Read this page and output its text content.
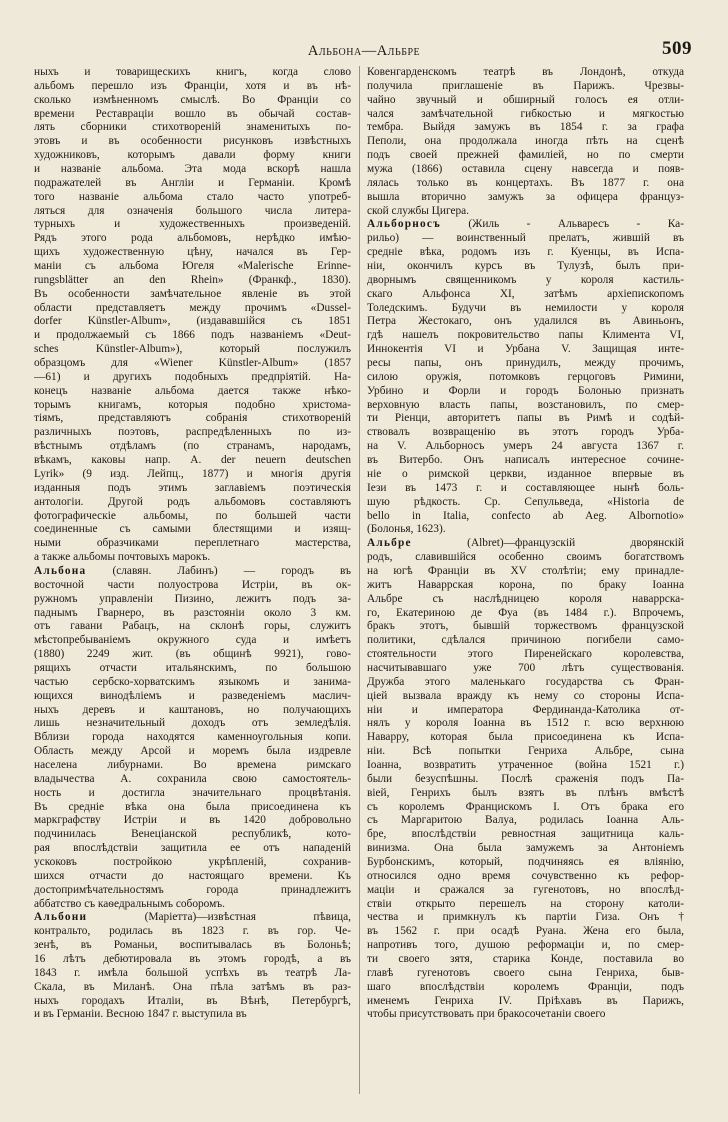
Альбона—Альбре	509
ныхъ и товарищескихъ книгъ, когда слово
альбомъ перешло изъ Франціи, хотя и въ нѣ-
сколько измѣненномъ смыслѣ. Во Франціи со
времени Реставраціи вошло въ обычай состав-
лять сборники стихотвореній знаменитыхъ по-
этовъ и въ особенности рисунковъ извѣстныхъ
художниковъ, которымъ давали форму книги
и названіе альбома. Эта мода вскорѣ нашла
подражателей въ Англіи и Германіи. Кромѣ
того названіе альбома стало часто употреб-
ляться для означенія большого числа литера-
турныхъ и художественныхъ произведеній.
Рядъ этого рода альбомовъ, нерѣдко имѣю-
щихъ художественную цѣну, начался въ Гер-
маніи съ альбома Югеля «Malerische Erinne-
rungsblätter an den Rhein» (Франкф., 1830).
Въ особенности замѣчательное явленіе въ этой
области представляетъ между прочимъ «Dussel-
dorfer Künstler-Album», (издававшійся съ 1851
и продолжаемый съ 1866 подъ названіемъ «Deut-
sches Künstler-Album»), который послужилъ
образцомъ для «Wiener Künstler-Album» (1857
—61) и другихъ подобныхъ предпріятій. На-
конецъ названіе альбома дается также нѣко-
торымъ книгамъ, которыя подобно христома-
тіямъ, представляютъ собранія стихотвореній
различныхъ поэтовъ, распредѣленныхъ по из-
вѣстнымъ отдѣламъ (по странамъ, народамъ,
вѣкамъ, каковы напр. A. der neuern deutschen
Lyrik» (9 изд. Лейпц., 1877) и многія другія
изданныя подъ этимъ заглавіемъ поэтическія
антологіи. Другой родъ альбомовъ составляютъ
фотографическіе альбомы, по большей части
соединенные съ самыми блестящими и изящ-
ными образчиками переплетнаго мастерства,
а также альбомы почтовыхъ марокъ.
Альбона (славян. Лабинъ) — городъ въ
восточной части полуострова Истріи, въ ок-
ружномъ управленіи Пизино, лежитъ подъ за-
паднымъ Гварнеро, въ разстояніи около 3 км.
отъ гавани Рабацъ, на склонѣ горы, служитъ
мѣстопребываніемъ окружного суда и имѣетъ
(1880) 2249 жит. (въ общинѣ 9921), гово-
рящихъ отчасти итальянскимъ, по большою
частью сербско-хорватскимъ языкомъ и занима-
ющихся винодѣліемъ и разведеніемъ маслич-
ныхъ деревъ и каштановъ, но получающихъ
лишь незначительный доходъ отъ земледѣлія.
Вблизи города находятся каменноугольныя копи.
Область между Арсой и моремъ была издревле
населена либурнами. Во времена римскаго
владычества А. сохранила свою самостоятель-
ность и достигла значительнаго процвѣтанія.
Въ средніе вѣка она была присоединена къ
маркграфству Истріи и въ 1420 добровольно
подчинилась Венеціанской республикѣ, кото-
рая впослѣдствіи защитила ее отъ нападеній
ускоковъ постройкою укрѣпленій, сохранив-
шихся отчасти до настоящаго времени. Къ
достопримѣчательностямъ города принадлежитъ
аббатство съ каѳедральнымъ соборомъ.
Альбони (Маріетта)—извѣстная пѣвица,
контральто, родилась въ 1823 г. въ гор. Че-
зенѣ, въ Романьи, воспитывалась въ Болоньѣ;
16 лѣтъ дебютировала въ этомъ городѣ, а въ
1843 г. имѣла большой успѣхъ въ театрѣ Ла-
Скала, въ Миланѣ. Она пѣла затѣмъ въ раз-
ныхъ городахъ Италіи, въ Вѣнѣ, Петербургѣ,
и въ Германіи. Весною 1847 г. выступила въ
Ковенгарденскомъ театрѣ въ Лондонѣ, откуда
получила приглашеніе въ Парижъ. Чрезвы-
чайно звучный и обширный голосъ ея отли-
чался замѣчательной гибкостью и мягкостью
тембра. Выйдя замужъ въ 1854 г. за графа
Пеполи, она продолжала иногда пѣть на сценѣ
подъ своей прежней фамиліей, но по смерти
мужа (1866) оставила сцену навсегда и появ-
лялась только въ концертахъ. Въ 1877 г. она
вышла вторично замужъ за офицера француз-
ской службы Цигера.
Альборносъ (Жиль - Альваресъ - Ка-
рильо) — воинственный прелатъ, жившій въ
средніе вѣка, родомъ изъ г. Куенцы, въ Испа-
ніи, окончилъ курсъ въ Тулузѣ, былъ при-
дворнымъ священникомъ у короля кастиль-
скаго Альфонса XI, затѣмъ архіепископомъ
Толедскимъ. Будучи въ немилости у короля
Петра Жестокаго, онъ удалился въ Авиньонъ,
гдѣ нашелъ покровительство папы Климента VI,
Иннокентія VI и Урбана V. Защищая инте-
ресы папы, онъ принудилъ, между прочимъ,
силою оружія, потомковъ герцоговъ Римини,
Урбино и Форли и городъ Болонью признать
верховную власть папы, возстановилъ, по смер-
ти Ріенци, авторитетъ папы въ Римѣ и содѣй-
ствовалъ возвращенію въ этотъ городъ Урба-
на V. Альборносъ умеръ 24 августа 1367 г.
въ Витербо. Онъ написалъ интересное сочине-
ніе о римской церкви, изданное впервые въ
Іези въ 1473 г. и составляющее нынѣ боль-
шую рѣдкость. Ср. Сепульведа, «Historia de
bello in Italia, confecto ab Aeg. Albornotio»
(Болонья, 1623).
Альбре (Albret)—французскій дворянскій
родъ, славившійся особенно своимъ богатствомъ
на югѣ Франціи въ XV столѣтіи; ему принадле-
житъ Наваррская корона, по браку Іоанна
Альбре съ наслѣдницею короля наваррска-
го, Екатериною де Фуа (въ 1484 г.). Впрочемъ,
бракъ этотъ, бывшій торжествомъ французской
политики, сдѣлался причиною погибели само-
стоятельности этого Пиренейскаго королевства,
насчитывавшаго уже 700 лѣтъ существованія.
Дружба этого маленькаго государства съ Фран-
ціей вызвала вражду къ нему со стороны Испа-
ніи и императора Фердинанда-Католика от-
нялъ у короля Іоанна въ 1512 г. всю верхнюю
Наварру, которая была присоединена къ Испа-
ніи. Всѣ попытки Генриха Альбре, сына
Іоанна, возвратить утраченное (война 1521 г.)
были безуспѣшны. Послѣ сраженія подъ Па-
віей, Генрихъ былъ взятъ въ плѣнъ вмѣстѣ
съ королемъ Францискомъ I. Отъ брака его
съ Маргаритою Валуа, родилась Іоанна Аль-
бре, впослѣдствіи ревностная защитница каль-
винизма. Она была замужемъ за Антоніемъ
Бурбонскимъ, который, подчиняясь ея вліянію,
относился одно время сочувственно къ рефор-
маціи и сражался за гугенотовъ, но впослѣд-
ствіи открыто перешелъ на сторону католи-
чества и примкнулъ къ партіи Гиза. Онъ †
въ 1562 г. при осадѣ Руана. Жена его была,
напротивъ того, душою реформаціи и, по смер-
ти своего зятя, старика Конде, поставила во
главѣ гугенотовъ своего сына Генриха, быв-
шаго впослѣдствіи королемъ Франціи, подъ
именемъ Генриха IV. Пріѣхавъ въ Парижъ,
чтобы присутствовать при бракосочетаніи своего
